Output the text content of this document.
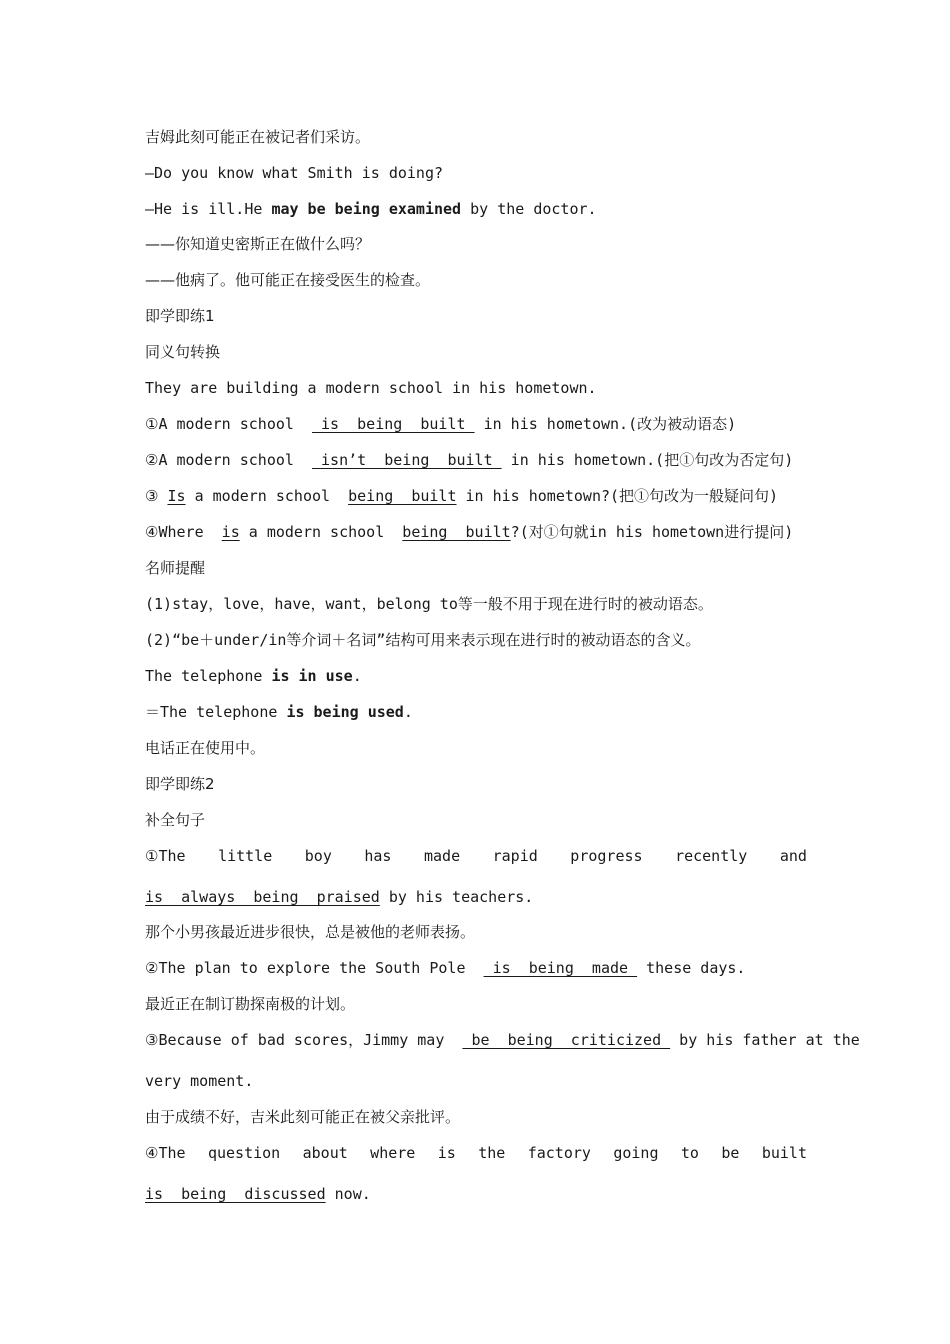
吉姆此刻可能正在被记者们采访。
—Do you know what Smith is doing?
—He is ill.He may be being examined by the doctor.
——你知道史密斯正在做什么吗？
——他病了。他可能正在接受医生的检查。
即学即练1
同义句转换
They are building a modern school in his hometown.
①A modern school   is  being  built  in his hometown.(改为被动语态)
②A modern school   isn’t  being  built  in his hometown.(把①句改为否定句)
③ Is a modern school  being  built in his hometown?(把①句改为一般疑问句)
④Where  is a modern school  being  built?(对①句就in his hometown进行提问)
名师提醒
(1)stay，love，have，want，belong to等一般不用于现在进行时的被动语态。
(2)“be＋under/in等介词＋名词”结构可用来表示现在进行时的被动语态的含义。
The telephone is in use.
＝The telephone is being used.
电话正在使用中。
即学即练2
补全句子
①The little boy has made rapid progress recently and
is  always  being  praised by his teachers.
那个小男孩最近进步很快，总是被他的老师表扬。
②The plan to explore the South Pole   is  being  made  these days.
最近正在制订勘探南极的计划。
③Because of bad scores，Jimmy may   be  being  criticized  by his father at the
very moment.
由于成绩不好，吉米此刻可能正在被父亲批评。
④The question about where is the factory going to be built
is  being  discussed now.
